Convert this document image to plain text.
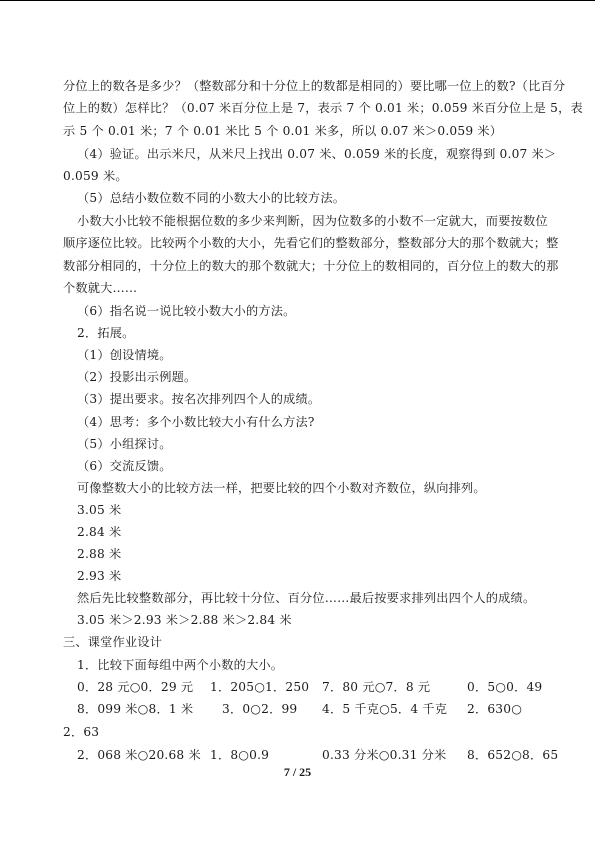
分位上的数各是多少？（整数部分和十分位上的数都是相同的）要比哪一位上的数?（比百分
位上的数）怎样比？（0.07 米百分位上是 7，表示 7 个 0.01 米；0.059 米百分位上是 5，表
示 5 个 0.01 米；7 个 0.01 米比 5 个 0.01 米多，所以 0.07 米＞0.059 米）
（4）验证。出示米尺，从米尺上找出 0.07 米、0.059 米的长度，观察得到 0.07 米＞
0.059 米。
（5）总结小数位数不同的小数大小的比较方法。
小数大小比较不能根据位数的多少来判断，因为位数多的小数不一定就大，而要按数位
顺序逐位比较。比较两个小数的大小，先看它们的整数部分，整数部分大的那个数就大；整
数部分相同的，十分位上的数大的那个数就大；十分位上的数相同的，百分位上的数大的那
个数就大……
（6）指名说一说比较小数大小的方法。
2．拓展。
（1）创设情境。
（2）投影出示例题。
（3）提出要求。按名次排列四个人的成绩。
（4）思考：多个小数比较大小有什么方法?
（5）小组探讨。
（6）交流反馈。
可像整数大小的比较方法一样，把要比较的四个小数对齐数位，纵向排列。
3.05 米
2.84 米
2.88 米
2.93 米
然后先比较整数部分，再比较十分位、百分位……最后按要求排列出四个人的成绩。
3.05 米＞2.93 米＞2.88 米＞2.84 米
三、课堂作业设计
1．比较下面每组中两个小数的大小。
0．28 元○0．29 元 1．205○1．250 7．80 元○7．8 元	0．5○0．49
8．099 米○8．1 米 3．0○2．99 4．5 千克○5．4 千克 2．630○
2．63
2．068 米○20.68 米 1．8○0.9	0.33 分米○0.31 分米 8．652○8．65
7 / 25
